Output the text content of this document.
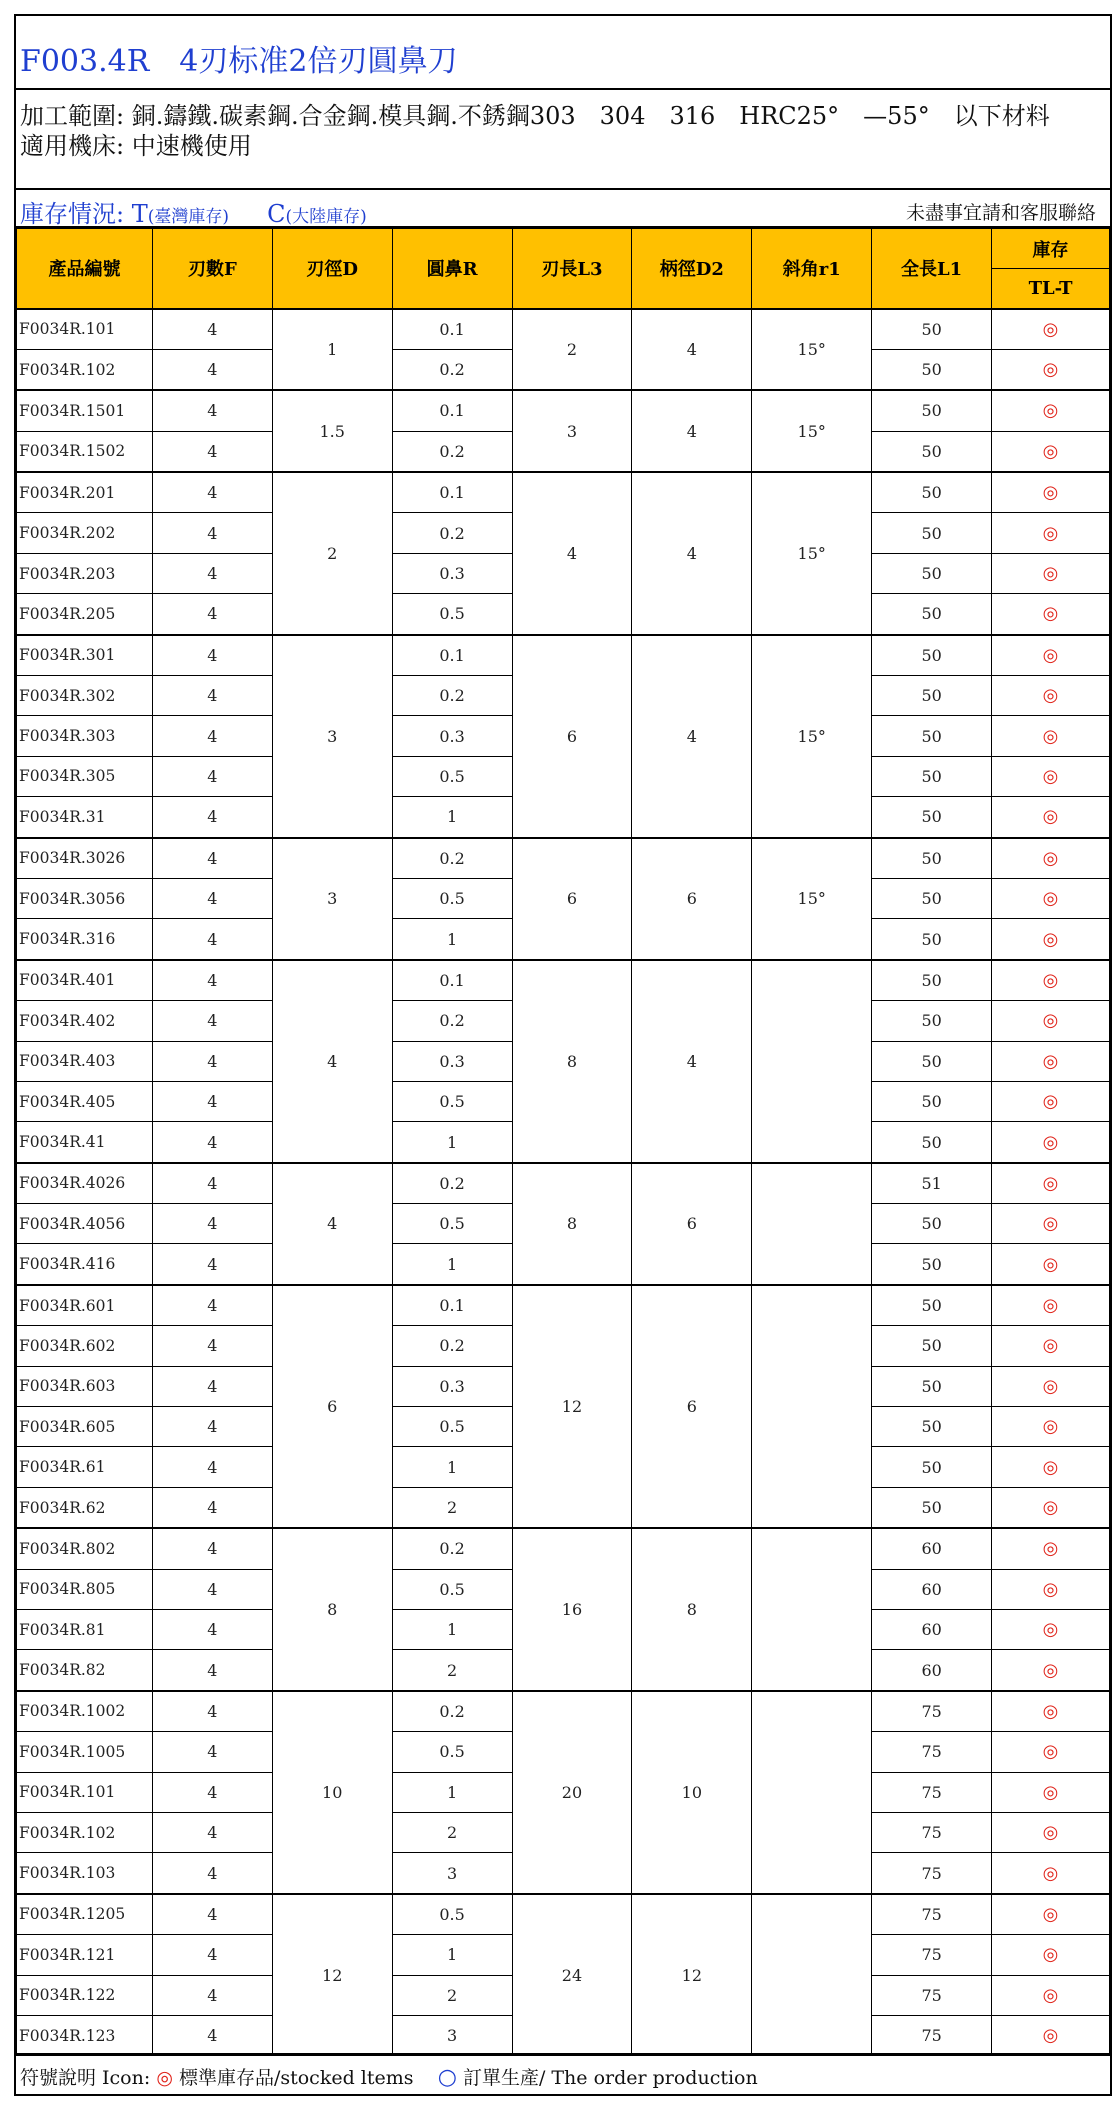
F003.4R　4刃标准2倍刃圓鼻刀
加工範圍: 銅.鑄鐵.碳素鋼.合金鋼.模具鋼.不銹鋼303　304　316　HRC25°　—55°　以下材料
適用機床: 中速機使用
庫存情況: T(臺灣庫存) C(大陸庫存)	未盡事宜請和客服聯絡
產品編號	刃數F	刃徑D	圓鼻R	刃長L3	柄徑D2	斜角r1	全長L1	庫存
								TL-T
F0034R.101	4	1	0.1	2	4	15°	50	◎
F0034R.102	4		0.2				50	◎
F0034R.1501	4	1.5	0.1	3	4	15°	50	◎
F0034R.1502	4		0.2				50	◎
F0034R.201	4	2	0.1	4	4	15°	50	◎
F0034R.202	4		0.2				50	◎
F0034R.203	4		0.3				50	◎
F0034R.205	4		0.5				50	◎
F0034R.301	4	3	0.1	6	4	15°	50	◎
F0034R.302	4		0.2				50	◎
F0034R.303	4		0.3				50	◎
F0034R.305	4		0.5				50	◎
F0034R.31	4		1				50	◎
F0034R.3026	4	3	0.2	6	6	15°	50	◎
F0034R.3056	4		0.5				50	◎
F0034R.316	4		1				50	◎
F0034R.401	4	4	0.1	8	4		50	◎
F0034R.402	4		0.2				50	◎
F0034R.403	4		0.3				50	◎
F0034R.405	4		0.5				50	◎
F0034R.41	4		1				50	◎
F0034R.4026	4	4	0.2	8	6		51	◎
F0034R.4056	4		0.5				50	◎
F0034R.416	4		1				50	◎
F0034R.601	4	6	0.1	12	6		50	◎
F0034R.602	4		0.2				50	◎
F0034R.603	4		0.3				50	◎
F0034R.605	4		0.5				50	◎
F0034R.61	4		1				50	◎
F0034R.62	4		2				50	◎
F0034R.802	4	8	0.2	16	8		60	◎
F0034R.805	4		0.5				60	◎
F0034R.81	4		1				60	◎
F0034R.82	4		2				60	◎
F0034R.1002	4	10	0.2	20	10		75	◎
F0034R.1005	4		0.5				75	◎
F0034R.101	4		1				75	◎
F0034R.102	4		2				75	◎
F0034R.103	4		3				75	◎
F0034R.1205	4	12	0.5	24	12		75	◎
F0034R.121	4		1				75	◎
F0034R.122	4		2				75	◎
F0034R.123	4		3				75	◎
符號說明 Icon: ◎ 標準庫存品/stocked ltems ○ 訂單生產/ The order production
